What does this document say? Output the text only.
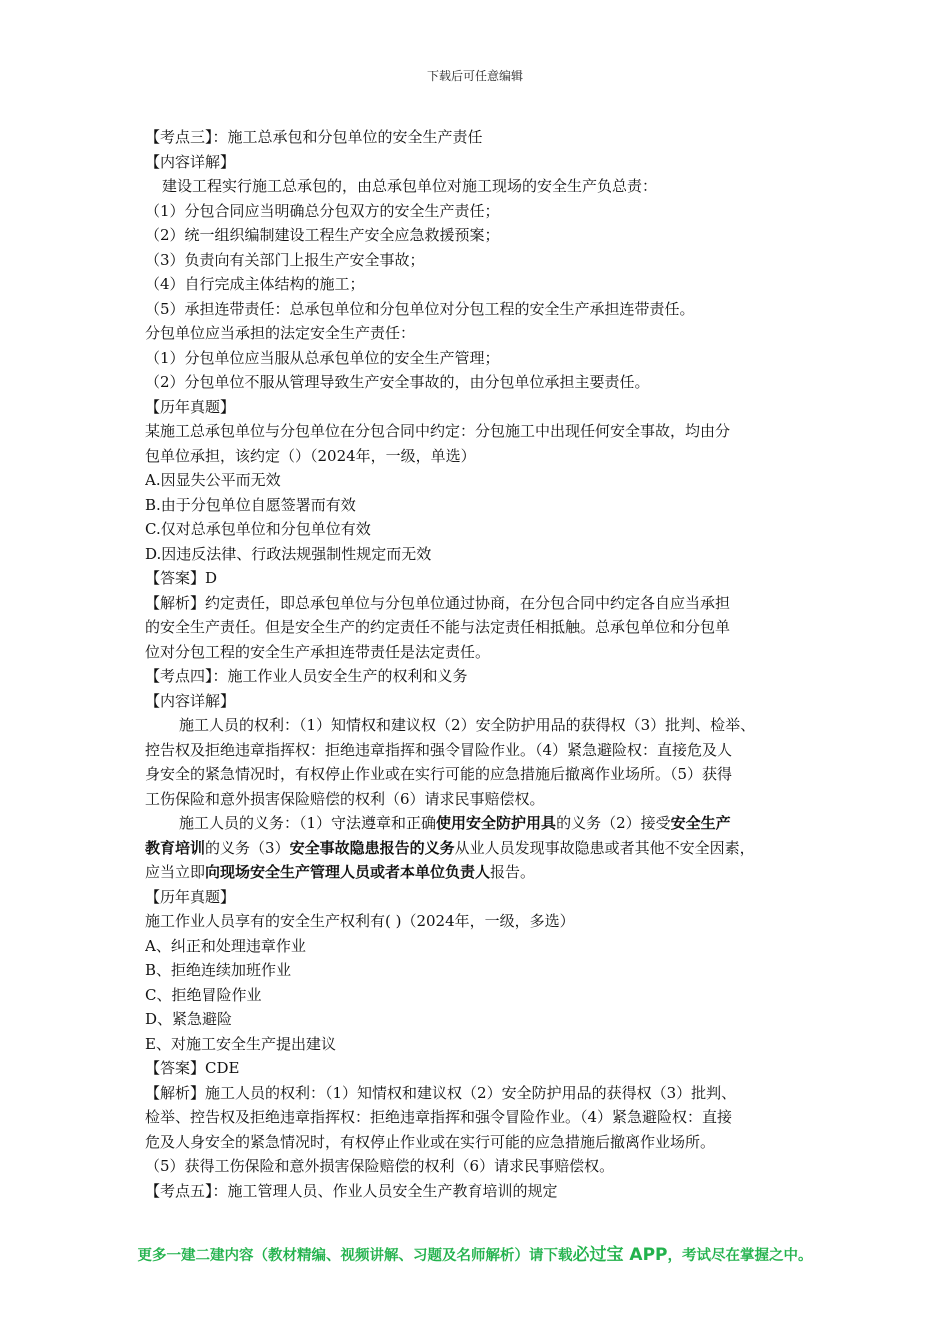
下载后可任意编辑
【考点三】：施工总承包和分包单位的安全生产责任
【内容详解】
建设工程实行施工总承包的，由总承包单位对施工现场的安全生产负总责：
（1）分包合同应当明确总分包双方的安全生产责任；
（2）统一组织编制建设工程生产安全应急救援预案；
（3）负责向有关部门上报生产安全事故；
（4）自行完成主体结构的施工；
（5）承担连带责任：总承包单位和分包单位对分包工程的安全生产承担连带责任。
分包单位应当承担的法定安全生产责任：
（1）分包单位应当服从总承包单位的安全生产管理；
（2）分包单位不服从管理导致生产安全事故的，由分包单位承担主要责任。
【历年真题】
某施工总承包单位与分包单位在分包合同中约定：分包施工中出现任何安全事故，均由分
包单位承担，该约定（）（2024年，一级，单选）
A.因显失公平而无效
B.由于分包单位自愿签署而有效
C.仅对总承包单位和分包单位有效
D.因违反法律、行政法规强制性规定而无效
【答案】D
【解析】约定责任，即总承包单位与分包单位通过协商，在分包合同中约定各自应当承担
的安全生产责任。但是安全生产的约定责任不能与法定责任相抵触。总承包单位和分包单
位对分包工程的安全生产承担连带责任是法定责任。
【考点四】：施工作业人员安全生产的权利和义务
【内容详解】
施工人员的权利：（1）知情权和建议权（2）安全防护用品的获得权（3）批判、检举、
控告权及拒绝违章指挥权：拒绝违章指挥和强令冒险作业。（4）紧急避险权：直接危及人
身安全的紧急情况时，有权停止作业或在实行可能的应急措施后撤离作业场所。（5）获得
工伤保险和意外损害保险赔偿的权利（6）请求民事赔偿权。
施工人员的义务：（1）守法遵章和正确使用安全防护用具的义务（2）接受安全生产
教育培训的义务（3）安全事故隐患报告的义务从业人员发现事故隐患或者其他不安全因素，
应当立即向现场安全生产管理人员或者本单位负责人报告。
【历年真题】
施工作业人员享有的安全生产权利有( )（2024年，一级，多选）
A、纠正和处理违章作业
B、拒绝连续加班作业
C、拒绝冒险作业
D、紧急避险
E、对施工安全生产提出建议
【答案】CDE
【解析】施工人员的权利：（1）知情权和建议权（2）安全防护用品的获得权（3）批判、
检举、控告权及拒绝违章指挥权：拒绝违章指挥和强令冒险作业。（4）紧急避险权：直接
危及人身安全的紧急情况时，有权停止作业或在实行可能的应急措施后撤离作业场所。
（5）获得工伤保险和意外损害保险赔偿的权利（6）请求民事赔偿权。
【考点五】：施工管理人员、作业人员安全生产教育培训的规定
更多一建二建内容（教材精编、视频讲解、习题及名师解析）请下载必过宝 APP，考试尽在掌握之中。
